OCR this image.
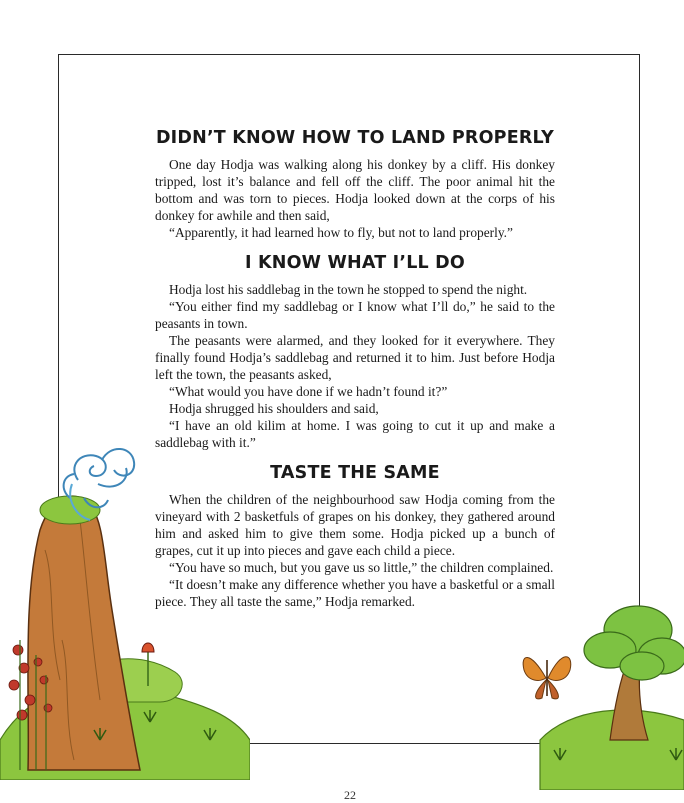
DIDN’T KNOW HOW TO LAND PROPERLY

One day Hodja was walking along his donkey by a cliff. His donkey tripped, lost it’s balance and fell off the cliff. The poor animal hit the bottom and was torn to pieces. Hodja looked down at the corps of his donkey for awhile and then said,

“Apparently, it had learned how to fly, but not to land properly.”

I KNOW WHAT I’LL DO

Hodja lost his saddlebag in the town he stopped to spend the night.

“You either find my saddlebag or I know what I’ll do,” he said to the peasants in town.

The peasants were alarmed, and they looked for it everywhere. They finally found Hodja’s saddlebag and returned it to him. Just before Hodja left the town, the peasants asked,

“What would you have done if we hadn’t found it?”

Hodja shrugged his shoulders and said,

“I have an old kilim at home. I was going to cut it up and make a saddlebag with it.”

TASTE THE SAME

When the children of the neighbourhood saw Hodja coming from the vineyard with 2 basketfuls of grapes on his donkey, they gathered around him and asked him to give them some. Hodja picked up a bunch of grapes, cut it up into pieces and gave each child a piece.

“You have so much, but you gave us so little,” the children complained.

“It doesn’t make any difference whether you have a basketful or a small piece. They all taste the same,” Hodja remarked.

22
